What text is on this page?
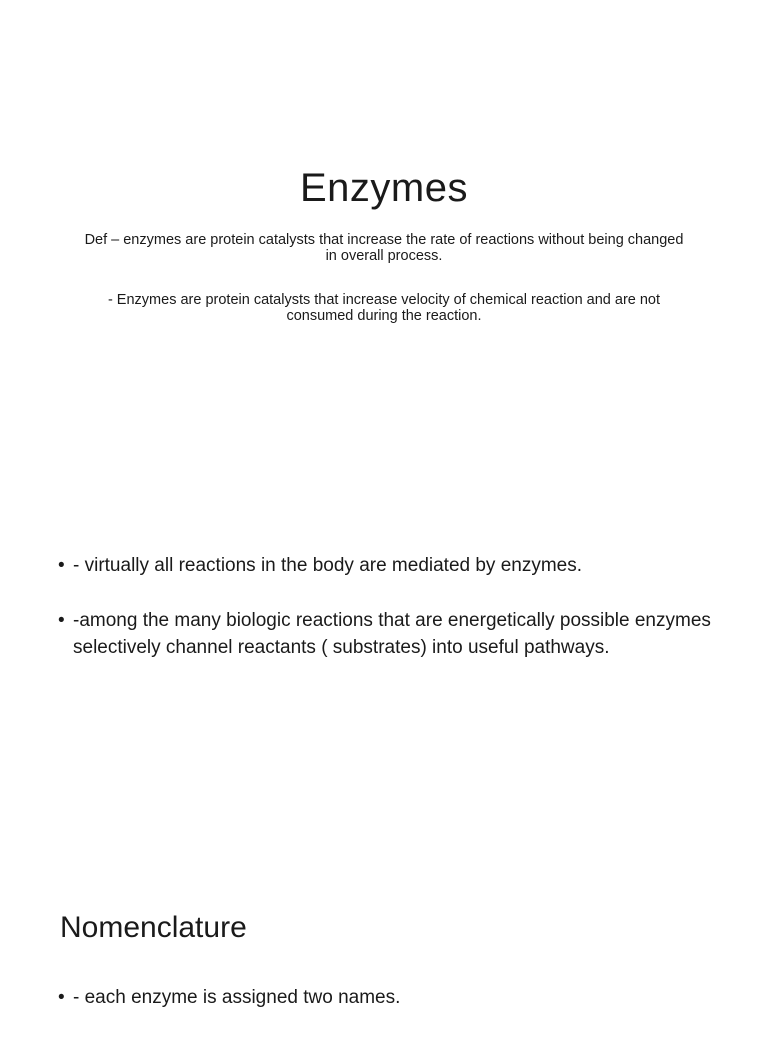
Enzymes

Def – enzymes are protein catalysts that increase the rate of reactions without being changed in overall process.

- Enzymes are protein catalysts that increase velocity of chemical reaction and are not consumed during the reaction.

• - virtually all reactions in the body are mediated by enzymes.
• -among the many biologic reactions that are energetically possible enzymes selectively channel reactants ( substrates) into useful pathways.
Nomenclature
• - each enzyme is assigned two names.
